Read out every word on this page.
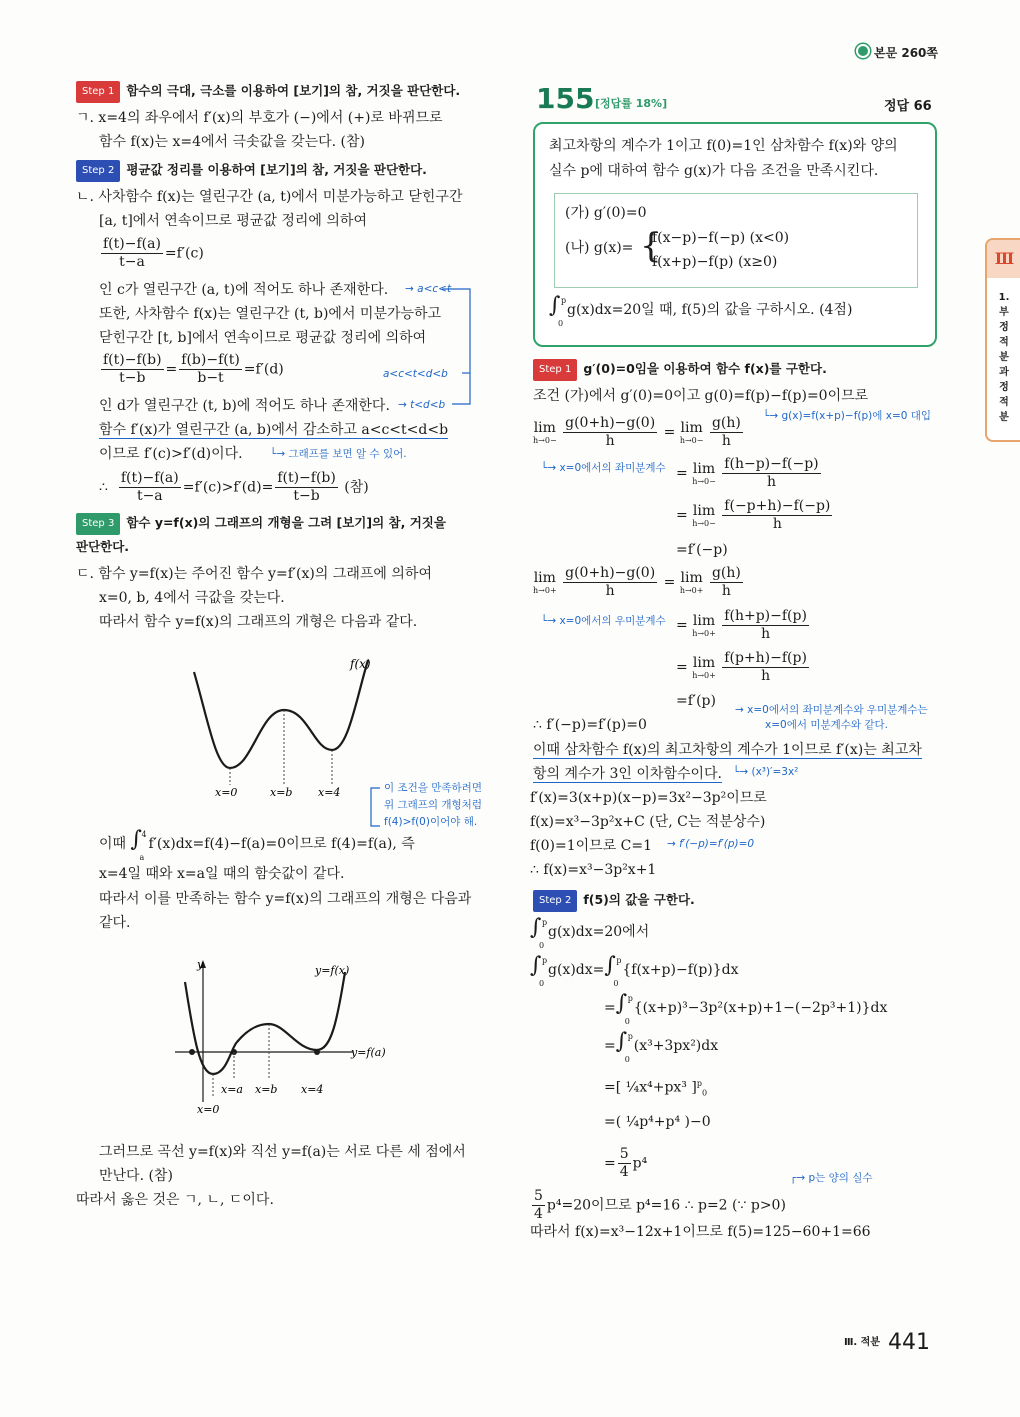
본문 260쪽
Step 1 함수의 극대, 극소를 이용하여 [보기]의 참, 거짓을 판단한다.
ㄱ. x=4의 좌우에서 f′(x)의 부호가 (−)에서 (+)로 바뀌므로
함수 f(x)는 x=4에서 극솟값을 갖는다. (참)
Step 2 평균값 정리를 이용하여 [보기]의 참, 거짓을 판단한다.
ㄴ. 사차함수 f(x)는 열린구간 (a, t)에서 미분가능하고 닫힌구간
[a, t]에서 연속이므로 평균값 정리에 의하여
$\frac{f(t)-f(a)}{t-a} =f'(c)$
인 c가 열린구간 (a, t)에 적어도 하나 존재한다. → a<c<t
또한, 사차함수 f(x)는 열린구간 (t, b)에서 미분가능하고
닫힌구간 [t, b]에서 연속이므로 평균값 정리에 의하여
$\frac{f(t)-f(b)}{t-b} = \frac{f(b)-f(t)}{b-t} =f'(d)$	a<c<t<d<b
인 d가 열린구간 (t, b)에 적어도 하나 존재한다. → t<d<b
함수 f′(x)가 열린구간 (a, b)에서 감소하고 a<c<t<d<b
이므로 f′(c)>f′(d)이다.	└→ 그래프를 보면 알 수 있어.
∴ $\frac{f(t)-f(a)}{t-a} =f'(c)>f'(d)= \frac{f(t)-f(b)}{t-b}$ (참)
Step 3 함수 y=f(x)의 그래프의 개형을 그려 [보기]의 참, 거짓을
판단한다.
ㄷ. 함수 y=f(x)는 주어진 함수 y=f′(x)의 그래프에 의하여
x=0, b, 4에서 극값을 갖는다.
따라서 함수 y=f(x)의 그래프의 개형은 다음과 같다.
f(x)
x=0	x=b x=4	이 조건을 만족하려면
위 그래프의 개형처럼
f(4)>f(0)이어야 해.
이때 ∫ 4
a
f′(x)dx=f(4)−f(a)=0이므로 f(4)=f(a), 즉
x=4일 때와 x=a일 때의 함숫값이 같다.
따라서 이를 만족하는 함수 y=f(x)의 그래프의 개형은 다음과
같다.
y	y=f(x)
y=f(a)
x=a x=b x=4
x=0
그러므로 곡선 y=f(x)와 직선 y=f(a)는 서로 다른 세 점에서
만난다. (참)
따라서 옳은 것은 ㄱ, ㄴ, ㄷ이다.
155 [정답률 18%]	정답 66
최고차항의 계수가 1이고 f(0)=1인 삼차함수 f(x)와 양의
실수 p에 대하여 함수 g(x)가 다음 조건을 만족시킨다.
(가) g′(0)=0
(나) g(x)= {
f(x−p)−f(−p) (x<0)
f(x+p)−f(p) (x≥0)
∫ p
0
g(x)dx=20일 때, f(5)의 값을 구하시오. (4점)
Step 1 g′(0)=0임을 이용하여 함수 f(x)를 구한다.
조건 (가)에서 g′(0)=0이고 g(0)=f(p)−f(p)=0이므로
└→ g(x)=f(x+p)−f(p)에 x=0 대입
lim
h→0−
$\frac{g(0+h)-g(0)}{h} = \lim$
h→0−
$\frac{g(h)}{h}$
└→ x=0에서의 좌미분계수 = lim
h→0−
$\frac{f(h-p)-f(-p)}{h}$
= lim
h→0−
$\frac{f(-p+h)-f(-p)}{h}$
=f′(−p)
lim
h→0+
$\frac{g(0+h)-g(0)}{h} = \lim$
h→0+
$\frac{g(h)}{h}$
└→ x=0에서의 우미분계수 = lim
h→0+
$\frac{f(h+p)-f(p)}{h}$
= lim
h→0+
$\frac{f(p+h)-f(p)}{h}$
=f′(p)
→ x=0에서의 좌미분계수와 우미분계수는
x=0에서 미분계수와 같다.
∴ f′(−p)=f′(p)=0
이때 삼차함수 f(x)의 최고차항의 계수가 1이므로 f′(x)는 최고차
항의 계수가 3인 이차함수이다. └→ (x³)′=3x²
f′(x)=3(x+p)(x−p)=3x²−3p²이므로
f(x)=x³−3p²x+C (단, C는 적분상수)
f(0)=1이므로 C=1 → f′(−p)=f′(p)=0
∴ f(x)=x³−3p²x+1
Step 2 f(5)의 값을 구한다.
∫ p
0
g(x)dx=20에서
∫ p
0
g(x)dx= ∫ p
0
{f(x+p)−f(p)}dx
= ∫ p
0
{(x+p)³−3p²(x+p)+1−(−2p³+1)}dx
= ∫ p
0
(x³+3px²)dx
=[ ¼x⁴+px³ ]$^p_0$
=( ¼p⁴+p⁴ )−0
= $\frac{5}{4} p^4$
┌→ p는 양의 실수
$\frac{5}{4} p^4=20$이므로 p⁴=16 ∴ p=2 (∵ p>0)
따라서 f(x)=x³−12x+1이므로 f(5)=125−60+1=66
Ⅲ
1. 부정적분과 정적분
$^{Ⅲ. 적분}$ 441
